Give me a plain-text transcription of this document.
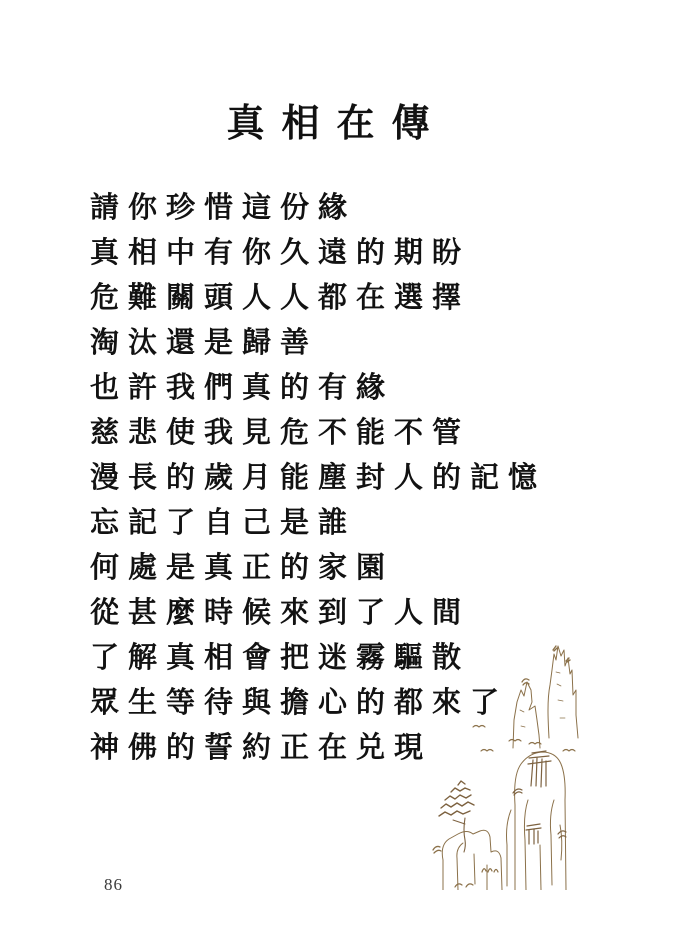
真相在傳

請你珍惜這份緣

真相中有你久遠的期盼

危難關頭人人都在選擇

淘汰還是歸善

也許我們真的有緣

慈悲使我見危不能不管

漫長的歲月能塵封人的記憶

忘記了自己是誰

何處是真正的家園

從甚麼時候來到了人間

了解真相會把迷霧驅散

眾生等待與擔心的都來了

神佛的誓約正在兑現

86
